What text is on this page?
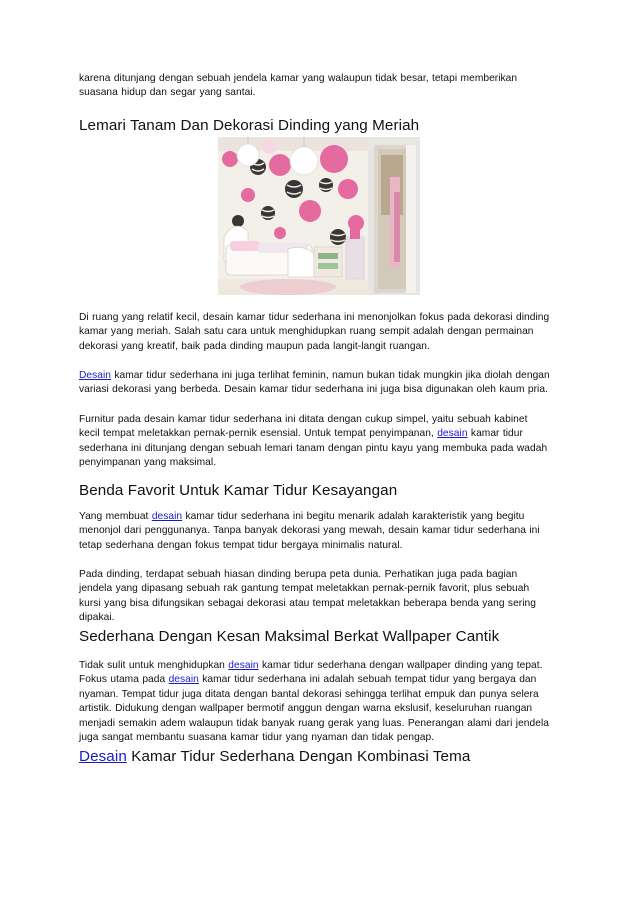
karena ditunjang dengan sebuah jendela kamar yang walaupun tidak besar, tetapi memberikan
suasana hidup dan segar yang santai.
Lemari Tanam Dan Dekorasi Dinding yang Meriah
Di ruang yang relatif kecil, desain kamar tidur sederhana ini menonjolkan fokus pada dekorasi dinding
kamar yang meriah. Salah satu cara untuk menghidupkan ruang sempit adalah dengan permainan
dekorasi yang kreatif, baik pada dinding maupun pada langit-langit ruangan.
Desain kamar tidur sederhana ini juga terlihat feminin, namun bukan tidak mungkin jika diolah dengan
variasi dekorasi yang berbeda. Desain kamar tidur sederhana ini juga bisa digunakan oleh kaum pria.
Furnitur pada desain kamar tidur sederhana ini ditata dengan cukup simpel, yaitu sebuah kabinet
kecil tempat meletakkan pernak-pernik esensial. Untuk tempat penyimpanan, desain kamar tidur
sederhana ini ditunjang dengan sebuah lemari tanam dengan pintu kayu yang membuka pada wadah
penyimpanan yang maksimal.
Benda Favorit Untuk Kamar Tidur Kesayangan
Yang membuat desain kamar tidur sederhana ini begitu menarik adalah karakteristik yang begitu
menonjol dari penggunanya. Tanpa banyak dekorasi yang mewah, desain kamar tidur sederhana ini
tetap sederhana dengan fokus tempat tidur bergaya minimalis natural.
Pada dinding, terdapat sebuah hiasan dinding berupa peta dunia. Perhatikan juga pada bagian
jendela yang dipasang sebuah rak gantung tempat meletakkan pernak-pernik favorit, plus sebuah
kursi yang bisa difungsikan sebagai dekorasi atau tempat meletakkan beberapa benda yang sering
dipakai.
Sederhana Dengan Kesan Maksimal Berkat Wallpaper Cantik
Tidak sulit untuk menghidupkan desain kamar tidur sederhana dengan wallpaper dinding yang tepat.
Fokus utama pada desain kamar tidur sederhana ini adalah sebuah tempat tidur yang bergaya dan
nyaman. Tempat tidur juga ditata dengan bantal dekorasi sehingga terlihat empuk dan punya selera
artistik. Didukung dengan wallpaper bermotif anggun dengan warna ekslusif, keseluruhan ruangan
menjadi semakin adem walaupun tidak banyak ruang gerak yang luas. Penerangan alami dari jendela
juga sangat membantu suasana kamar tidur yang nyaman dan tidak pengap.
Desain Kamar Tidur Sederhana Dengan Kombinasi Tema
